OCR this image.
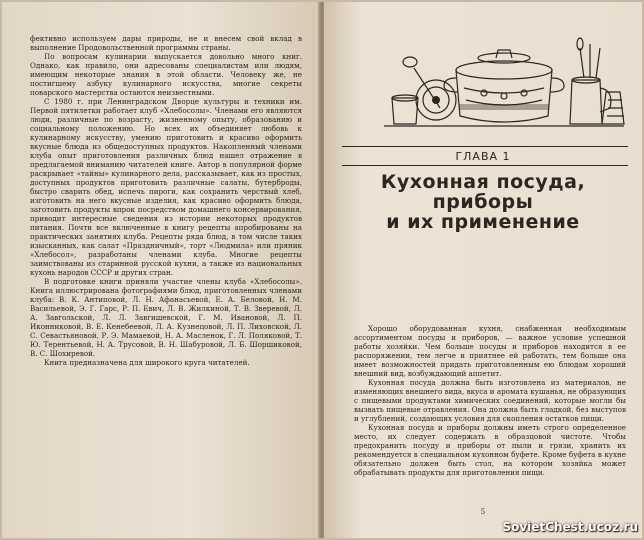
фективно используем дары природы, не и внесем свой вклад в выполнение Продовольственной программы страны.

По вопросам кулинарии выпускается довольно много книг. Однако, как правило, они адресованы специалистам или людям, имеющим некоторые знания в этой области. Человеку же, не постигшему азбуку кулинарного искусства, многие секреты поварского мастерства остаются неизвестными.

С 1980 г. при Ленинградском Дворце культуры и техники им. Первой пятилетки работает клуб «Хлебосолы». Членами его являются люди, различные по возрасту, жизненному опыту, образованию и социальному положению. Но всех их объединяет любовь к кулинарному искусству, умению приготовить и красиво оформить вкусные блюда из общедоступных продуктов. Накопленный членами клуба опыт приготовления различных блюд нашел отражение в предлагаемой вниманию читателей книге. Автор в популярной форме раскрывает «тайны» кулинарного дела, рассказывает, как из простых, доступных продуктов приготовить различные салаты, бутерброды, быстро сварить обед, испечь пироги, как сохранить черствый хлеб, изготовить на него вкусные изделия, как красиво оформить блюда, заготовить продукты впрок посредством домашнего консервирования, приводит интересные сведения из истории некоторых продуктов питания. Почти все включенные в книгу рецепты апробированы на практических занятиях клуба. Рецепты ряда блюд, в том числе таких изысканных, как салат «Праздничный», торт «Людмила» или пряник «Хлебосол», разработаны членами клуба. Многие рецепты заимствованы из старинной русской кухни, а также из национальных кухонь народов СССР и других стран.

В подготовке книги приняли участие члены клуба «Хлебосолы». Книга иллюстрирована фотографиями блюд, приготовленных членами клуба: В. К. Антиповой, Л. Н. Афанасьевой, Е. А. Беловой, Н. М. Васильевой, Э. Г. Гарс, Р. П. Евич, Л. В. Жилкиной, Т. В. Зверевой, Л. А. Завгольской, Л. Л. Завгишевской, Г. М. Ивановой, Л. П. Иконниковой, В. Е. Кенебеевой, Л. А. Кузнецовой, Л. П. Лиховской, Л. С. Севастьяновой, Р. Э. Мамаевой, Н. А. Масленок, Г. Л. Поляковой, Т. Ю. Терентьевой, Н. А. Трусовой, В. Н. Шабуровой, Л. Б. Шоршиковой, В. С. Шохиревой.

Книга предназначена для широкого круга читателей.

ГЛАВА 1
Кухонная посуда,
приборы
и их применение

Хорошо оборудованная кухня, снабженная необходимым ассортиментом посуды и приборов, — важное условие успешной работы хозяйки. Чем больше посуды и приборов находится в ее распоряжении, тем легче и приятнее ей работать, тем больше она имеет возможностей придать приготовленным ею блюдам хороший внешний вид, возбуждающий аппетит.

Кухонная посуда должна быть изготовлена из материалов, не изменяющих внешнего вида, вкуса и аромата кушанья, не образующих с пищевыми продуктами химических соединений, которые могли бы вызвать пищевые отравления. Она должна быть гладкой, без выступов и углублений, создающих условия для скопления остатков пищи.

Кухонная посуда и приборы должны иметь строго определенное место, их следует содержать в образцовой чистоте. Чтобы предохранить посуду и приборы от пыли и грязи, хранить их рекомендуется в специальном кухонном буфете. Кроме буфета в кухне обязательно должен быть стол, на котором хозяйка может обрабатывать продукты для приготовления пищи.

5
SovietChest.ucoz.ru
